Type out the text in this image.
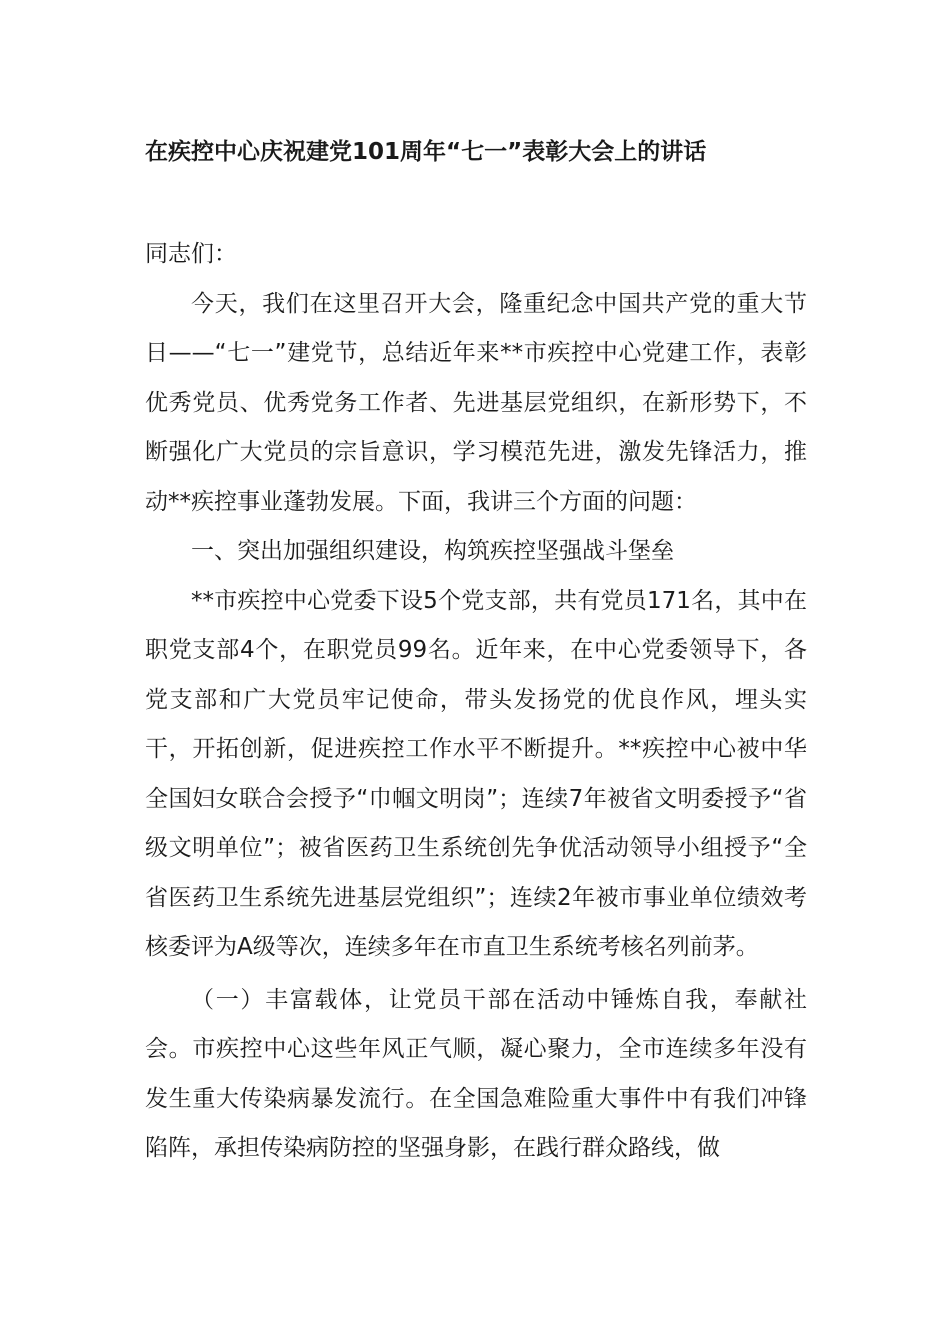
在疾控中心庆祝建党101周年“七一”表彰大会上的讲话

同志们：

今天，我们在这里召开大会，隆重纪念中国共产党的重大节日——“七一”建党节，总结近年来**市疾控中心党建工作，表彰优秀党员、优秀党务工作者、先进基层党组织，在新形势下，不断强化广大党员的宗旨意识，学习模范先进，激发先锋活力，推动**疾控事业蓬勃发展。下面，我讲三个方面的问题：

一、突出加强组织建设，构筑疾控坚强战斗堡垒

**市疾控中心党委下设5个党支部，共有党员171名，其中在职党支部4个，在职党员99名。近年来，在中心党委领导下，各党支部和广大党员牢记使命，带头发扬党的优良作风，埋头实干，开拓创新，促进疾控工作水平不断提升。**疾控中心被中华全国妇女联合会授予“巾帼文明岗”；连续7年被省文明委授予“省级文明单位”；被省医药卫生系统创先争优活动领导小组授予“全省医药卫生系统先进基层党组织”；连续2年被市事业单位绩效考核委评为A级等次，连续多年在市直卫生系统考核名列前茅。

（一）丰富载体，让党员干部在活动中锤炼自我，奉献社会。市疾控中心这些年风正气顺，凝心聚力，全市连续多年没有发生重大传染病暴发流行。在全国急难险重大事件中有我们冲锋陷阵，承担传染病防控的坚强身影，在践行群众路线，做
